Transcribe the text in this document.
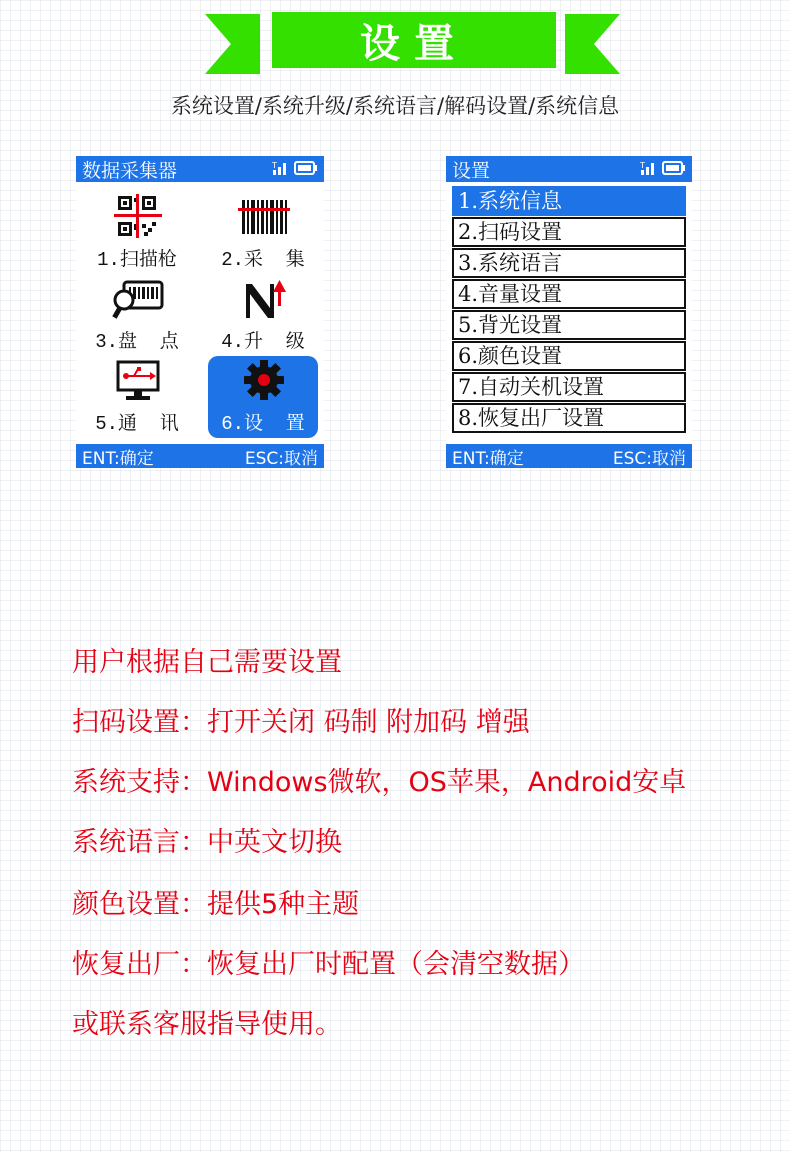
设置
系统设置/系统升级/系统语言/解码设置/系统信息
数据采集器	T
1.扫描枪	2.采  集
3.盘  点	4.升  级
5.通  讯	6.设  置
ENT:确定	ESC:取消
设置	T
1.系统信息
2.扫码设置
3.系统语言
4.音量设置
5.背光设置
6.颜色设置
7.自动关机设置
8.恢复出厂设置
ENT:确定	ESC:取消
用户根据自己需要设置
扫码设置：打开关闭 码制 附加码 增强
系统支持：Windows微软，OS苹果，Android安卓
系统语言：中英文切换
颜色设置：提供5种主题
恢复出厂：恢复出厂时配置（会清空数据）
或联系客服指导使用。
